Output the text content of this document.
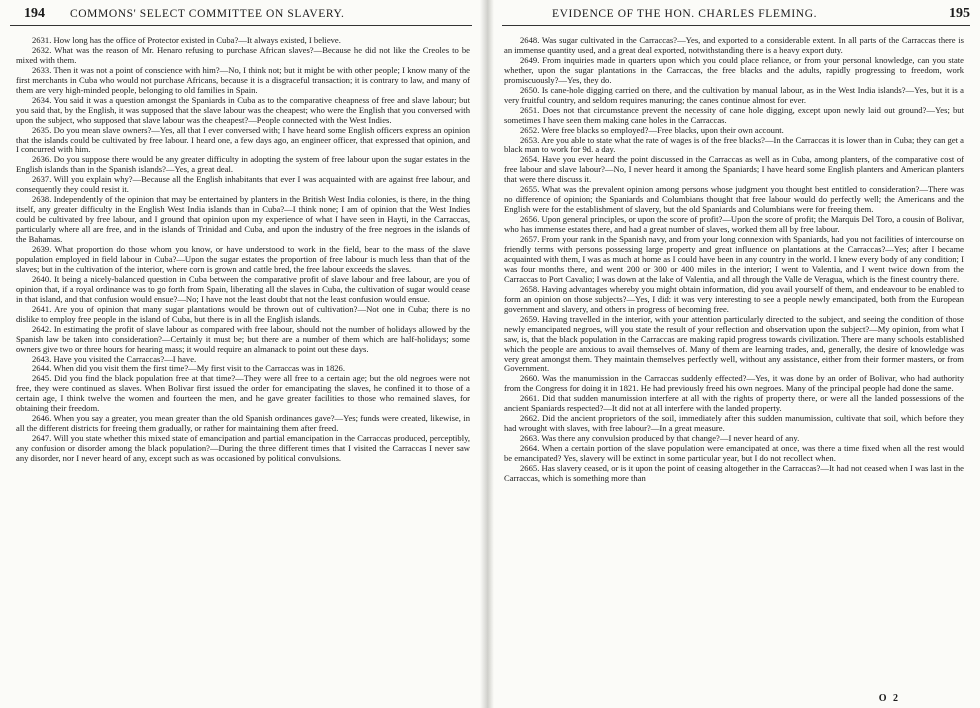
194 COMMONS' SELECT COMMITTEE ON SLAVERY.

2631. How long has the office of Protector existed in Cuba?—It always existed, I believe.

2632. What was the reason of Mr. Henaro refusing to purchase African slaves?—Because he did not like the Creoles to be mixed with them.

2633. Then it was not a point of conscience with him?—No, I think not; but it might be with other people; I know many of the first merchants in Cuba who would not purchase Africans, because it is a disgraceful transaction; it is contrary to law, and many of them are very high-minded people, belonging to old families in Spain.

2634. You said it was a question amongst the Spaniards in Cuba as to the comparative cheapness of free and slave labour; but you said that, by the English, it was supposed that the slave labour was the cheapest; who were the English that you conversed with upon the subject, who supposed that slave labour was the cheapest?—People connected with the West Indies.

2635. Do you mean slave owners?—Yes, all that I ever conversed with; I have heard some English officers express an opinion that the islands could be cultivated by free labour. I heard one, a few days ago, an engineer officer, that expressed that opinion, and I concurred with him.

2636. Do you suppose there would be any greater difficulty in adopting the system of free labour upon the sugar estates in the English islands than in the Spanish islands?—Yes, a great deal.

2637. Will you explain why?—Because all the English inhabitants that ever I was acquainted with are against free labour, and consequently they could resist it.

2638. Independently of the opinion that may be entertained by planters in the British West India colonies, is there, in the thing itself, any greater difficulty in the English West India islands than in Cuba?—I think none; I am of opinion that the West Indies could be cultivated by free labour, and I ground that opinion upon my experience of what I have seen in Hayti, in the Carraccas, particularly where all are free, and in the islands of Trinidad and Cuba, and upon the industry of the free negroes in the islands of the Bahamas.

2639. What proportion do those whom you know, or have understood to work in the field, bear to the mass of the slave population employed in field labour in Cuba?—Upon the sugar estates the proportion of free labour is much less than that of the slaves; but in the cultivation of the interior, where corn is grown and cattle bred, the free labour exceeds the slaves.

2640. It being a nicely-balanced question in Cuba between the comparative profit of slave labour and free labour, are you of opinion that, if a royal ordinance was to go forth from Spain, liberating all the slaves in Cuba, the cultivation of sugar would cease in that island, and that confusion would ensue?—No; I have not the least doubt that not the least confusion would ensue.

2641. Are you of opinion that many sugar plantations would be thrown out of cultivation?—Not one in Cuba; there is no dislike to employ free people in the island of Cuba, but there is in all the English islands.

2642. In estimating the profit of slave labour as compared with free labour, should not the number of holidays allowed by the Spanish law be taken into consideration?—Certainly it must be; but there are a number of them which are half-holidays; some owners give two or three hours for hearing mass; it would require an almanack to point out these days.

2643. Have you visited the Carraccas?—I have.

2644. When did you visit them the first time?—My first visit to the Carraccas was in 1826.

2645. Did you find the black population free at that time?—They were all free to a certain age; but the old negroes were not free, they were continued as slaves. When Bolivar first issued the order for emancipating the slaves, he confined it to those of a certain age, I think twelve the women and fourteen the men, and he gave greater facilities to those who remained slaves, for obtaining their freedom.

2646. When you say a greater, you mean greater than the old Spanish ordinances gave?—Yes; funds were created, likewise, in all the different districts for freeing them gradually, or rather for maintaining them after freed.

2647. Will you state whether this mixed state of emancipation and partial emancipation in the Carraccas produced, perceptibly, any confusion or disorder among the black population?—During the three different times that I visited the Carraccas I never saw any disorder, nor I never heard of any, except such as was occasioned by political convulsions.

EVIDENCE OF THE HON. CHARLES FLEMING.	195

2648. Was sugar cultivated in the Carraccas?—Yes, and exported to a considerable extent. In all parts of the Carraccas there is an immense quantity used, and a great deal exported, notwithstanding there is a heavy export duty.

2649. From inquiries made in quarters upon which you could place reliance, or from your personal knowledge, can you state whether, upon the sugar plantations in the Carraccas, the free blacks and the adults, rapidly progressing to freedom, work promiscuously?—Yes, they do.

2650. Is cane-hole digging carried on there, and the cultivation by manual labour, as in the West India islands?—Yes, but it is a very fruitful country, and seldom requires manuring; the canes continue almost for ever.

2651. Does not that circumstance prevent the necessity of cane hole digging, except upon newly laid out ground?—Yes; but sometimes I have seen them making cane holes in the Carraccas.

2652. Were free blacks so employed?—Free blacks, upon their own account.

2653. Are you able to state what the rate of wages is of the free blacks?—In the Carraccas it is lower than in Cuba; they can get a black man to work for 9d. a day.

2654. Have you ever heard the point discussed in the Carraccas as well as in Cuba, among planters, of the comparative cost of free labour and slave labour?—No, I never heard it among the Spaniards; I have heard some English planters and American planters that were there discuss it.

2655. What was the prevalent opinion among persons whose judgment you thought best entitled to consideration?—There was no difference of opinion; the Spaniards and Columbians thought that free labour would do perfectly well; the Americans and the English were for the establishment of slavery, but the old Spaniards and Columbians were for freeing them.

2656. Upon general principles, or upon the score of profit?—Upon the score of profit; the Marquis Del Toro, a cousin of Bolivar, who has immense estates there, and had a great number of slaves, worked them all by free labour.

2657. From your rank in the Spanish navy, and from your long connexion with Spaniards, had you not facilities of intercourse on friendly terms with persons possessing large property and great influence on plantations at the Carraccas?—Yes; after I became acquainted with them, I was as much at home as I could have been in any country in the world. I knew every body of any condition; I was four months there, and went 200 or 300 or 400 miles in the interior; I went to Valentia, and I went twice down from the Carraccas to Port Cavalio; I was down at the lake of Valentia, and all through the Valle de Veragua, which is the finest country there.

2658. Having advantages whereby you might obtain information, did you avail yourself of them, and endeavour to be enabled to form an opinion on those subjects?—Yes, I did: it was very interesting to see a people newly emancipated, both from the European government and slavery, and others in progress of becoming free.

2659. Having travelled in the interior, with your attention particularly directed to the subject, and seeing the condition of those newly emancipated negroes, will you state the result of your reflection and observation upon the subject?—My opinion, from what I saw, is, that the black population in the Carraccas are making rapid progress towards civilization. There are many schools established which the people are anxious to avail themselves of. Many of them are learning trades, and, generally, the desire of knowledge was very great amongst them. They maintain themselves perfectly well, without any assistance, either from their former masters, or from Government.

2660. Was the manumission in the Carraccas suddenly effected?—Yes, it was done by an order of Bolivar, who had authority from the Congress for doing it in 1821. He had previously freed his own negroes. Many of the principal people had done the same.

2661. Did that sudden manumission interfere at all with the rights of property there, or were all the landed possessions of the ancient Spaniards respected?—It did not at all interfere with the landed property.

2662. Did the ancient proprietors of the soil, immediately after this sudden manumission, cultivate that soil, which before they had wrought with slaves, with free labour?—In a great measure.

2663. Was there any convulsion produced by that change?—I never heard of any.

2664. When a certain portion of the slave population were emancipated at once, was there a time fixed when all the rest would be emancipated? Yes, slavery will be extinct in some particular year, but I do not recollect when.

2665. Has slavery ceased, or is it upon the point of ceasing altogether in the Carraccas?—It had not ceased when I was last in the Carraccas, which is something more than

O 2
